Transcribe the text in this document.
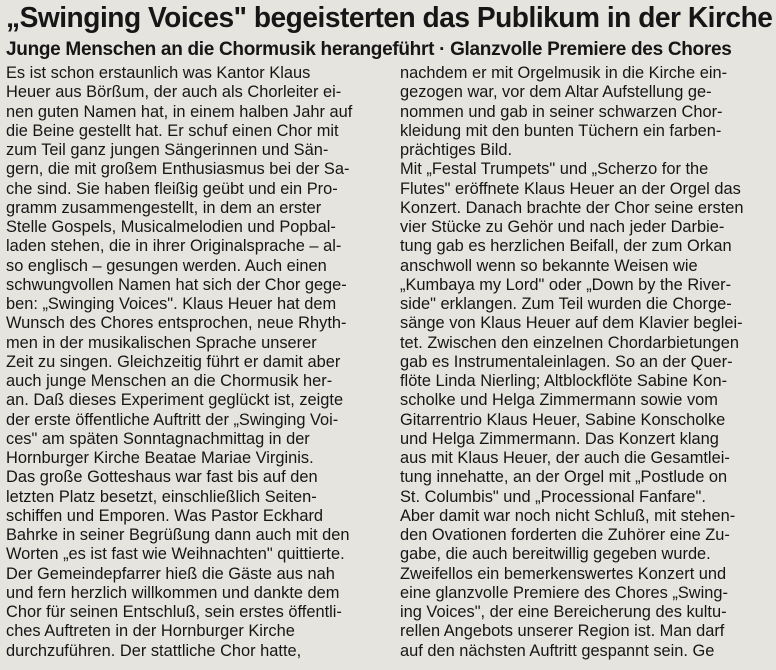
„Swinging Voices" begeisterten das Publikum in der Kirche
Junge Menschen an die Chormusik herangeführt · Glanzvolle Premiere des Chores
Es ist schon erstaunlich was Kantor Klaus
Heuer aus Börßum, der auch als Chorleiter ei-
nen guten Namen hat, in einem halben Jahr auf
die Beine gestellt hat. Er schuf einen Chor mit
zum Teil ganz jungen Sängerinnen und Sän-
gern, die mit großem Enthusiasmus bei der Sa-
che sind. Sie haben fleißig geübt und ein Pro-
gramm zusammengestellt, in dem an erster
Stelle Gospels, Musicalmelodien und Popbal-
laden stehen, die in ihrer Originalsprache – al-
so englisch – gesungen werden. Auch einen
schwungvollen Namen hat sich der Chor gege-
ben: „Swinging Voices". Klaus Heuer hat dem
Wunsch des Chores entsprochen, neue Rhyth-
men in der musikalischen Sprache unserer
Zeit zu singen. Gleichzeitig führt er damit aber
auch junge Menschen an die Chormusik her-
an. Daß dieses Experiment geglückt ist, zeigte
der erste öffentliche Auftritt der „Swinging Voi-
ces" am späten Sonntagnachmittag in der
Hornburger Kirche Beatae Mariae Virginis.
Das große Gotteshaus war fast bis auf den
letzten Platz besetzt, einschließlich Seiten-
schiffen und Emporen. Was Pastor Eckhard
Bahrke in seiner Begrüßung dann auch mit den
Worten „es ist fast wie Weihnachten" quittierte.
Der Gemeindepfarrer hieß die Gäste aus nah
und fern herzlich willkommen und dankte dem
Chor für seinen Entschluß, sein erstes öffentli-
ches Auftreten in der Hornburger Kirche
durchzuführen. Der stattliche Chor hatte,
nachdem er mit Orgelmusik in die Kirche ein-
gezogen war, vor dem Altar Aufstellung ge-
nommen und gab in seiner schwarzen Chor-
kleidung mit den bunten Tüchern ein farben-
prächtiges Bild.
Mit „Festal Trumpets" und „Scherzo for the
Flutes" eröffnete Klaus Heuer an der Orgel das
Konzert. Danach brachte der Chor seine ersten
vier Stücke zu Gehör und nach jeder Darbie-
tung gab es herzlichen Beifall, der zum Orkan
anschwoll wenn so bekannte Weisen wie
„Kumbaya my Lord" oder „Down by the River-
side" erklangen. Zum Teil wurden die Chorge-
sänge von Klaus Heuer auf dem Klavier beglei-
tet. Zwischen den einzelnen Chordarbietungen
gab es Instrumentaleinlagen. So an der Quer-
flöte Linda Nierling; Altblockflöte Sabine Kon-
scholke und Helga Zimmermann sowie vom
Gitarrentrio Klaus Heuer, Sabine Konscholke
und Helga Zimmermann. Das Konzert klang
aus mit Klaus Heuer, der auch die Gesamtlei-
tung innehatte, an der Orgel mit „Postlude on
St. Columbis" und „Processional Fanfare".
Aber damit war noch nicht Schluß, mit stehen-
den Ovationen forderten die Zuhörer eine Zu-
gabe, die auch bereitwillig gegeben wurde.
Zweifellos ein bemerkenswertes Konzert und
eine glanzvolle Premiere des Chores „Swing-
ing Voices", der eine Bereicherung des kultu-
rellen Angebots unserer Region ist. Man darf
auf den nächsten Auftritt gespannt sein. Ge
